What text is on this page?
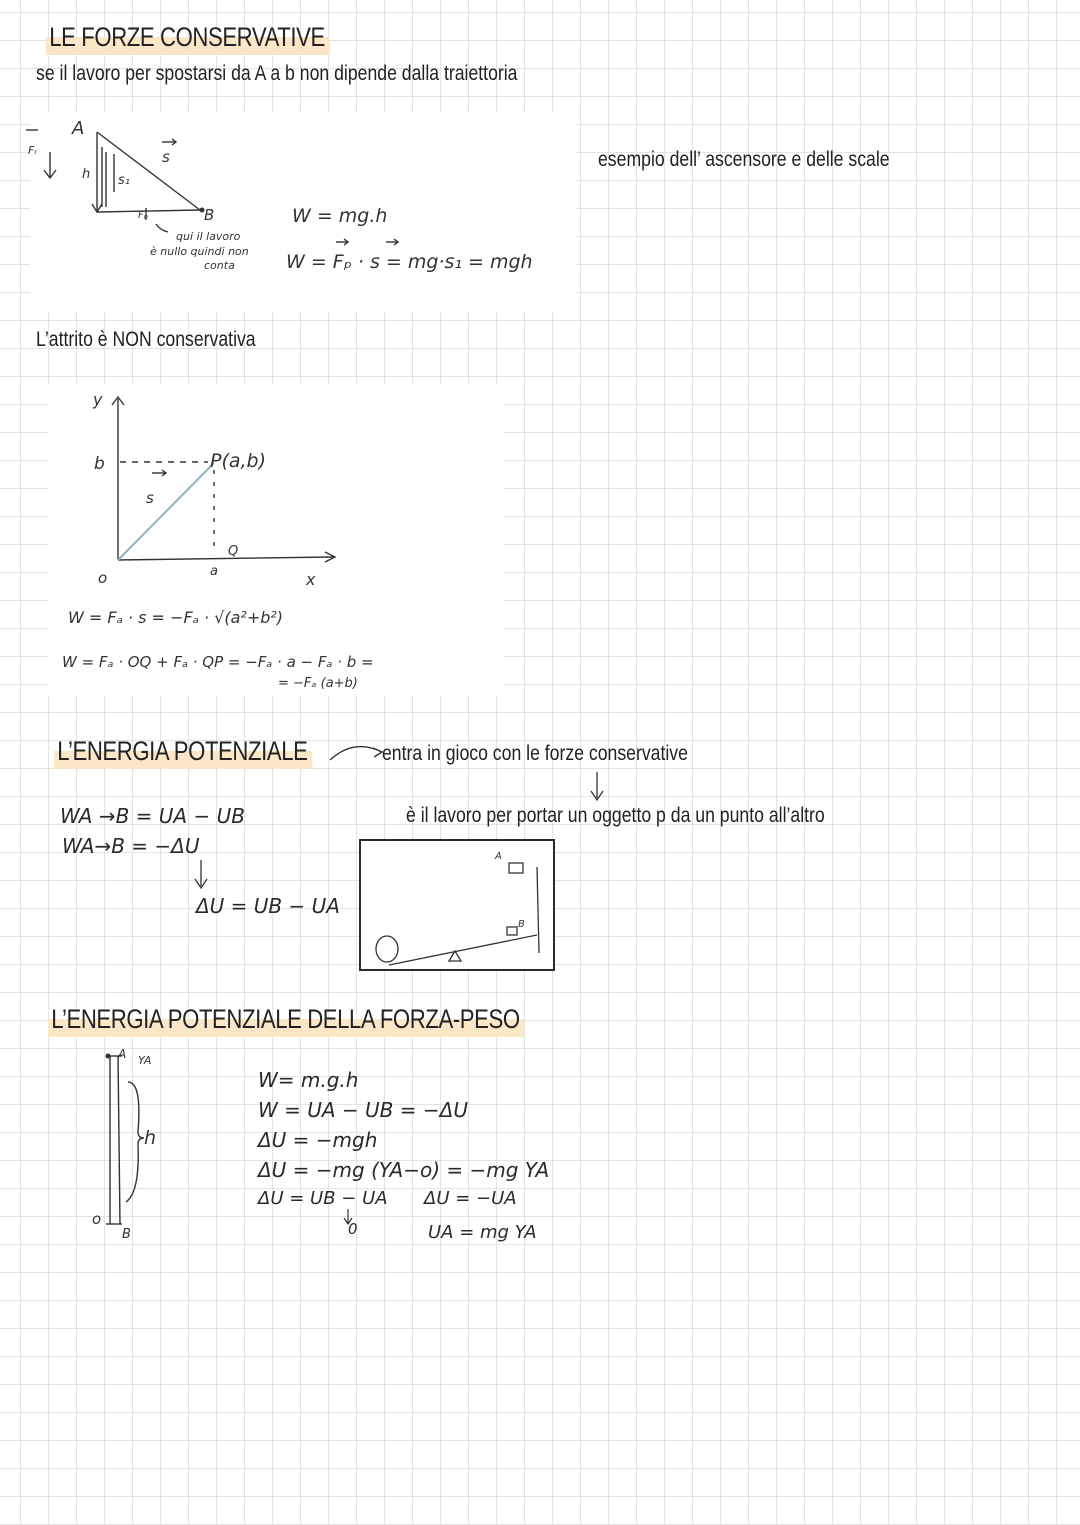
LE FORZE CONSERVATIVE
se il lavoro per spostarsi da A a b non dipende dalla traiettoria
A
B
h s₁
s
Fₚ
Fᵣ
qui il lavoro
è nullo quindi non
conta
W = mg.h
W = Fₚ · s = mg·s₁ = mgh
esempio dell’ ascensore e delle scale
L’attrito è NON conservativa
y
x
b
o	a
Q
P(a,b)
s
W = Fₐ · s = −Fₐ · √(a²+b²)
W = Fₐ · OQ + Fₐ · QP = −Fₐ · a − Fₐ · b =
= −Fₐ (a+b)
L’ENERGIA POTENZIALE	entra in gioco con le forze conservative
è il lavoro per portar un oggetto p da un punto all’altro
WA →B = UA − UB
WA→B = −ΔU
ΔU = UB − UA
A
B
L’ENERGIA POTENZIALE DELLA FORZA-PESO
A YA
h
o
B
W= m.g.h
W = UA − UB = −ΔU
ΔU = −mgh
ΔU = −mg (YA−o) = −mg YA
ΔU = UB − UA
0
ΔU = −UA
UA = mg YA
